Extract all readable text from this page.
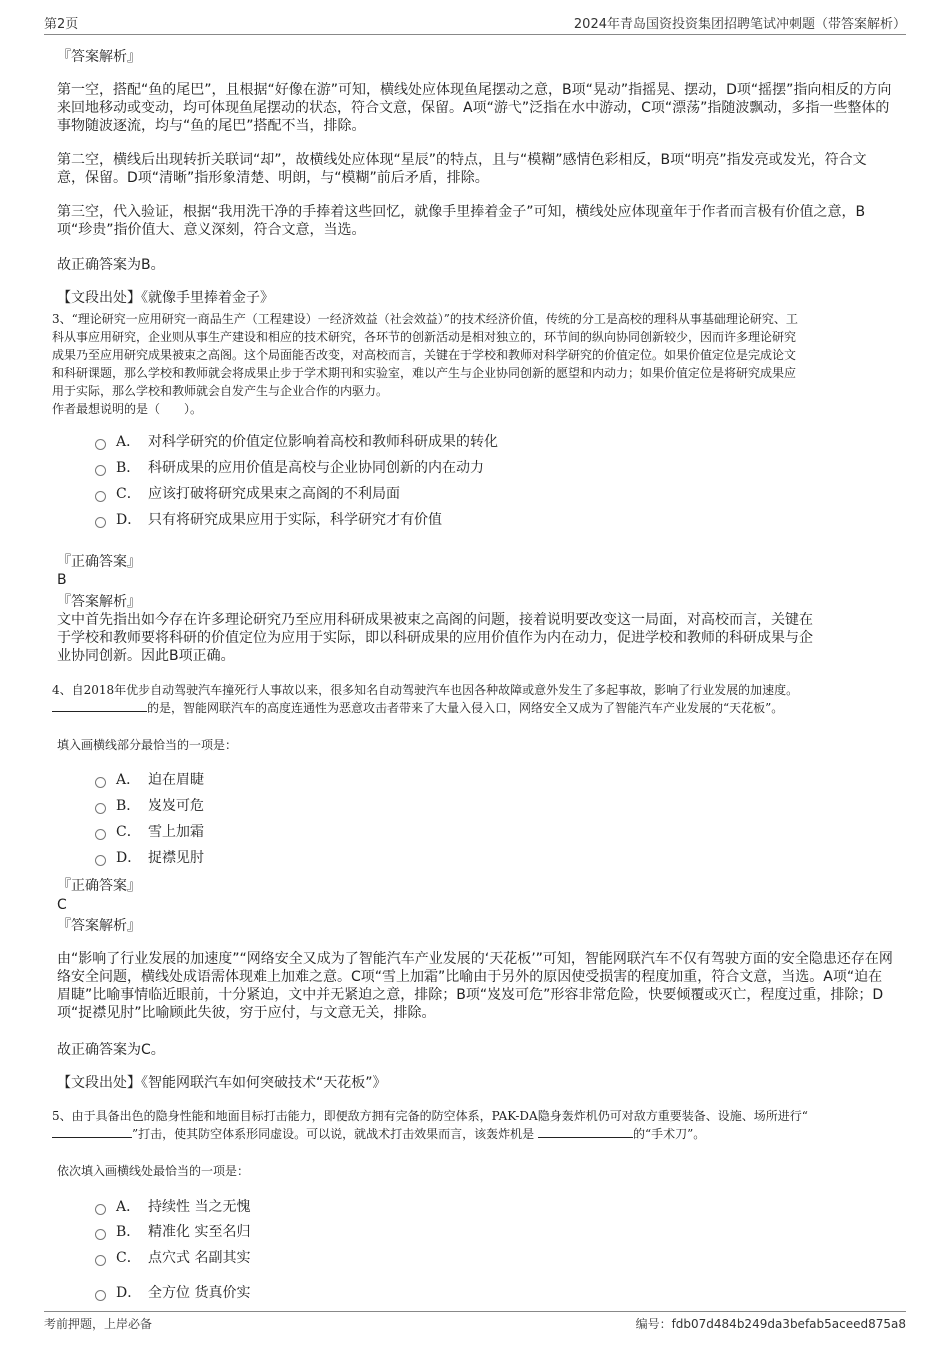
第2页	2024年青岛国资投资集团招聘笔试冲刺题（带答案解析）
『答案解析』
第一空，搭配“鱼的尾巴”，且根据“好像在游”可知，横线处应体现鱼尾摆动之意，B项“晃动”指摇晃、摆动，D项“摇摆”指向相反的方向来回地移动或变动，均可体现鱼尾摆动的状态，符合文意，保留。A项“游弋”泛指在水中游动，C项“漂荡”指随波飘动，多指一些整体的事物随波逐流，均与“鱼的尾巴”搭配不当，排除。
第二空，横线后出现转折关联词“却”，故横线处应体现“星辰”的特点，且与“模糊”感情色彩相反，B项“明亮”指发亮或发光，符合文意，保留。D项“清晰”指形象清楚、明朗，与“模糊”前后矛盾，排除。
第三空，代入验证，根据“我用洗干净的手捧着这些回忆，就像手里捧着金子”可知，横线处应体现童年于作者而言极有价值之意，B项“珍贵”指价值大、意义深刻，符合文意，当选。
故正确答案为B。
【文段出处】《就像手里捧着金子》
3、“理论研究一应用研究一商品生产（工程建设）一经济效益（社会效益）”的技术经济价值，传统的分工是高校的理科从事基础理论研究、工
科从事应用研究，企业则从事生产建设和相应的技术研究，各环节的创新活动是相对独立的，环节间的纵向协同创新较少，因而许多理论研究
成果乃至应用研究成果被束之高阁。这个局面能否改变，对高校而言，关键在于学校和教师对科学研究的价值定位。如果价值定位是完成论文
和科研课题，那么学校和教师就会将成果止步于学术期刊和实验室，难以产生与企业协同创新的愿望和内动力；如果价值定位是将研究成果应
用于实际，那么学校和教师就会自发产生与企业合作的内驱力。
作者最想说明的是（　　）。
A． 对科学研究的价值定位影响着高校和教师科研成果的转化
B． 科研成果的应用价值是高校与企业协同创新的内在动力
C． 应该打破将研究成果束之高阁的不利局面
D． 只有将研究成果应用于实际，科学研究才有价值
『正确答案』
B
『答案解析』
文中首先指出如今存在许多理论研究乃至应用科研成果被束之高阁的问题，接着说明要改变这一局面，对高校而言，关键在
于学校和教师要将科研的价值定位为应用于实际，即以科研成果的应用价值作为内在动力，促进学校和教师的科研成果与企
业协同创新。因此B项正确。
4、自2018年优步自动驾驶汽车撞死行人事故以来，很多知名自动驾驶汽车也因各种故障或意外发生了多起事故，影响了行业发展的加速度。
的是，智能网联汽车的高度连通性为恶意攻击者带来了大量入侵入口，网络安全又成为了智能汽车产业发展的“天花板”。
填入画横线部分最恰当的一项是：
A． 迫在眉睫
B． 岌岌可危
C． 雪上加霜
D． 捉襟见肘
『正确答案』
C
『答案解析』
由“影响了行业发展的加速度”“网络安全又成为了智能汽车产业发展的‘天花板’”可知，智能网联汽车不仅有驾驶方面的安全隐患还存在网络安全问题，横线处成语需体现难上加难之意。C项“雪上加霜”比喻由于另外的原因使受损害的程度加重，符合文意，当选。A项“迫在眉睫”比喻事情临近眼前，十分紧迫，文中并无紧迫之意，排除；B项“岌岌可危”形容非常危险，快要倾覆或灭亡，程度过重，排除；D项“捉襟见肘”比喻顾此失彼，穷于应付，与文意无关，排除。
故正确答案为C。
【文段出处】《智能网联汽车如何突破技术“天花板”》
5、由于具备出色的隐身性能和地面目标打击能力，即便敌方拥有完备的防空体系，PAK-DA隐身轰炸机仍可对敌方重要装备、设施、场所进行“
”打击，使其防空体系形同虚设。可以说，就战术打击效果而言，该轰炸机是	的“手术刀”。
依次填入画横线处最恰当的一项是：
A． 持续性 当之无愧
B． 精准化 实至名归
C． 点穴式 名副其实
D． 全方位 货真价实
考前押题，上岸必备	编号：fdb07d484b249da3befab5aceed875a8
